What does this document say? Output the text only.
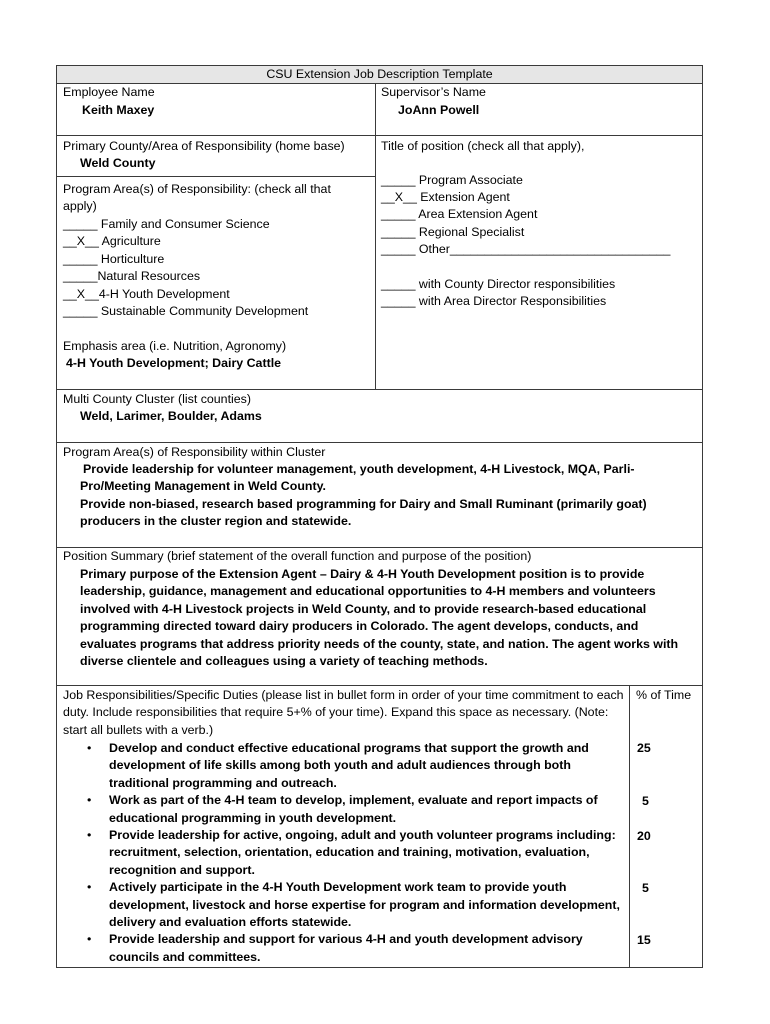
CSU Extension Job Description Template
Employee Name
Keith Maxey
Supervisor’s Name
JoAnn Powell
Primary County/Area of Responsibility (home base)
Weld County
Title of position (check all that apply),
_____ Program Associate
__X__ Extension Agent
_____ Area Extension Agent
_____ Regional Specialist
_____ Other________________________________
_____ with County Director responsibilities
_____ with Area Director Responsibilities
Program Area(s) of Responsibility: (check all that apply)
_____ Family and Consumer Science
__X__ Agriculture
_____ Horticulture
_____Natural Resources
__X__4-H Youth Development
_____ Sustainable Community Development
Emphasis area (i.e. Nutrition, Agronomy)
4-H Youth Development; Dairy Cattle
Multi County Cluster (list counties)
Weld, Larimer, Boulder, Adams
Program Area(s) of Responsibility within Cluster
Provide leadership for volunteer management, youth development, 4-H Livestock, MQA, Parli-Pro/Meeting Management in Weld County.
Provide non-biased, research based programming for Dairy and Small Ruminant (primarily goat) producers in the cluster region and statewide.
Position Summary (brief statement of the overall function and purpose of the position)
Primary purpose of the Extension Agent – Dairy & 4-H Youth Development position is to provide leadership, guidance, management and educational opportunities to 4-H members and volunteers involved with 4-H Livestock projects in Weld County, and to provide research-based educational programming directed toward dairy producers in Colorado. The agent develops, conducts, and evaluates programs that address priority needs of the county, state, and nation. The agent works with diverse clientele and colleagues using a variety of teaching methods.
Job Responsibilities/Specific Duties (please list in bullet form in order of your time commitment to each duty. Include responsibilities that require 5+% of your time). Expand this space as necessary. (Note: start all bullets with a verb.)
% of Time
• Develop and conduct effective educational programs that support the growth and development of life skills among both youth and adult audiences through both traditional programming and outreach.
• Work as part of the 4-H team to develop, implement, evaluate and report impacts of educational programming in youth development.
• Provide leadership for active, ongoing, adult and youth volunteer programs including: recruitment, selection, orientation, education and training, motivation, evaluation, recognition and support.
• Actively participate in the 4-H Youth Development work team to provide youth development, livestock and horse expertise for program and information development, delivery and evaluation efforts statewide.
• Provide leadership and support for various 4-H and youth development advisory councils and committees.
25
5
20
5
15
